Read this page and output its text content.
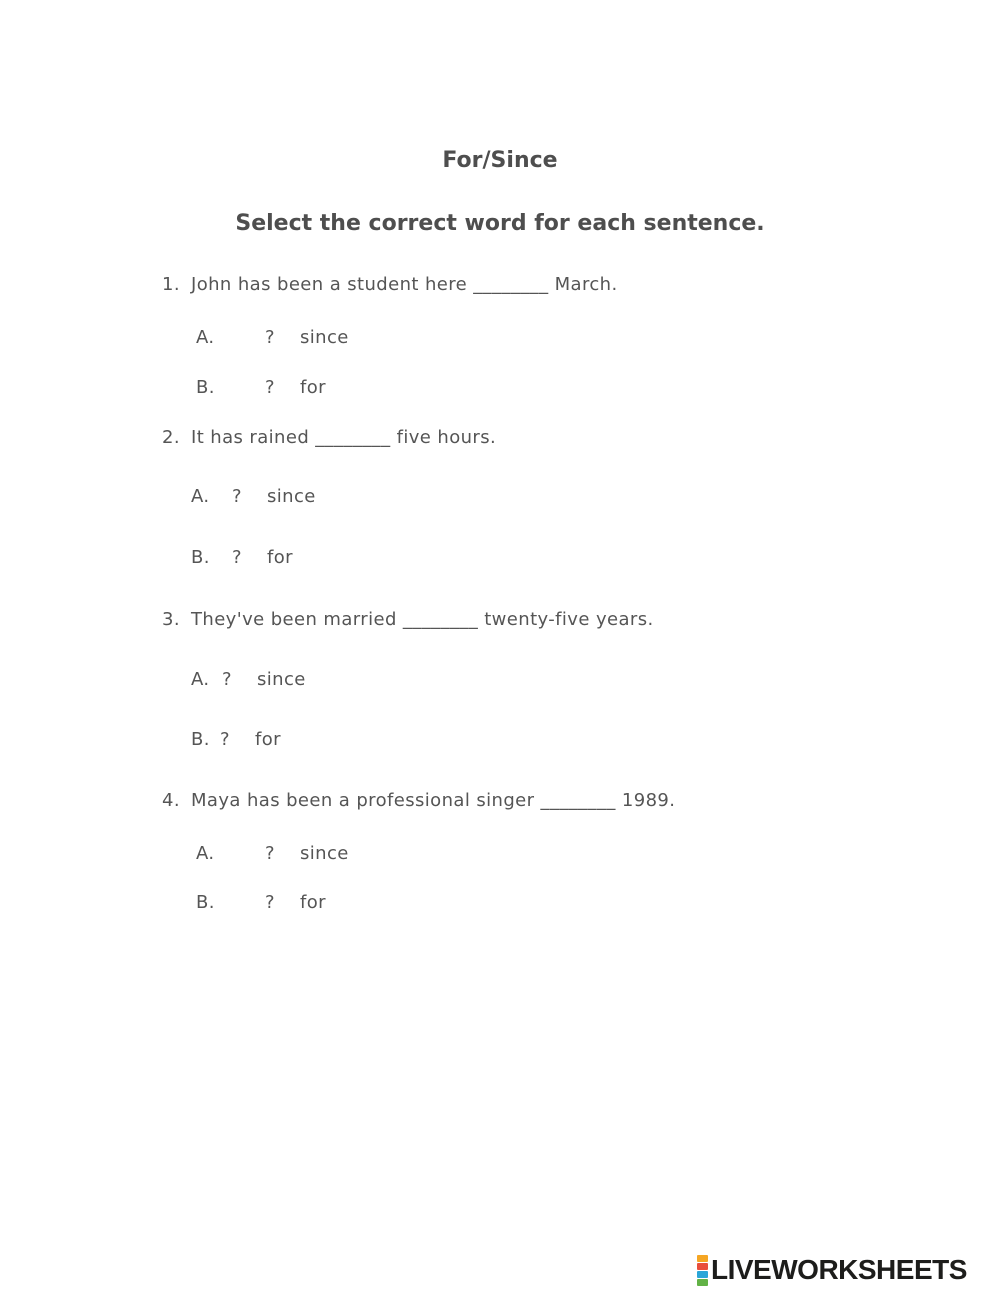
For/Since
Select the correct word for each sentence.
1. John has been a student here ________ March.
A.	? since
B.	? for
2. It has rained ________ five hours.
A. ? since
B. ? for
3. They've been married ________ twenty-five years.
A. ? since
B. ? for
4. Maya has been a professional singer ________ 1989.
A.	? since
B.	? for
LIVEWORKSHEETS
